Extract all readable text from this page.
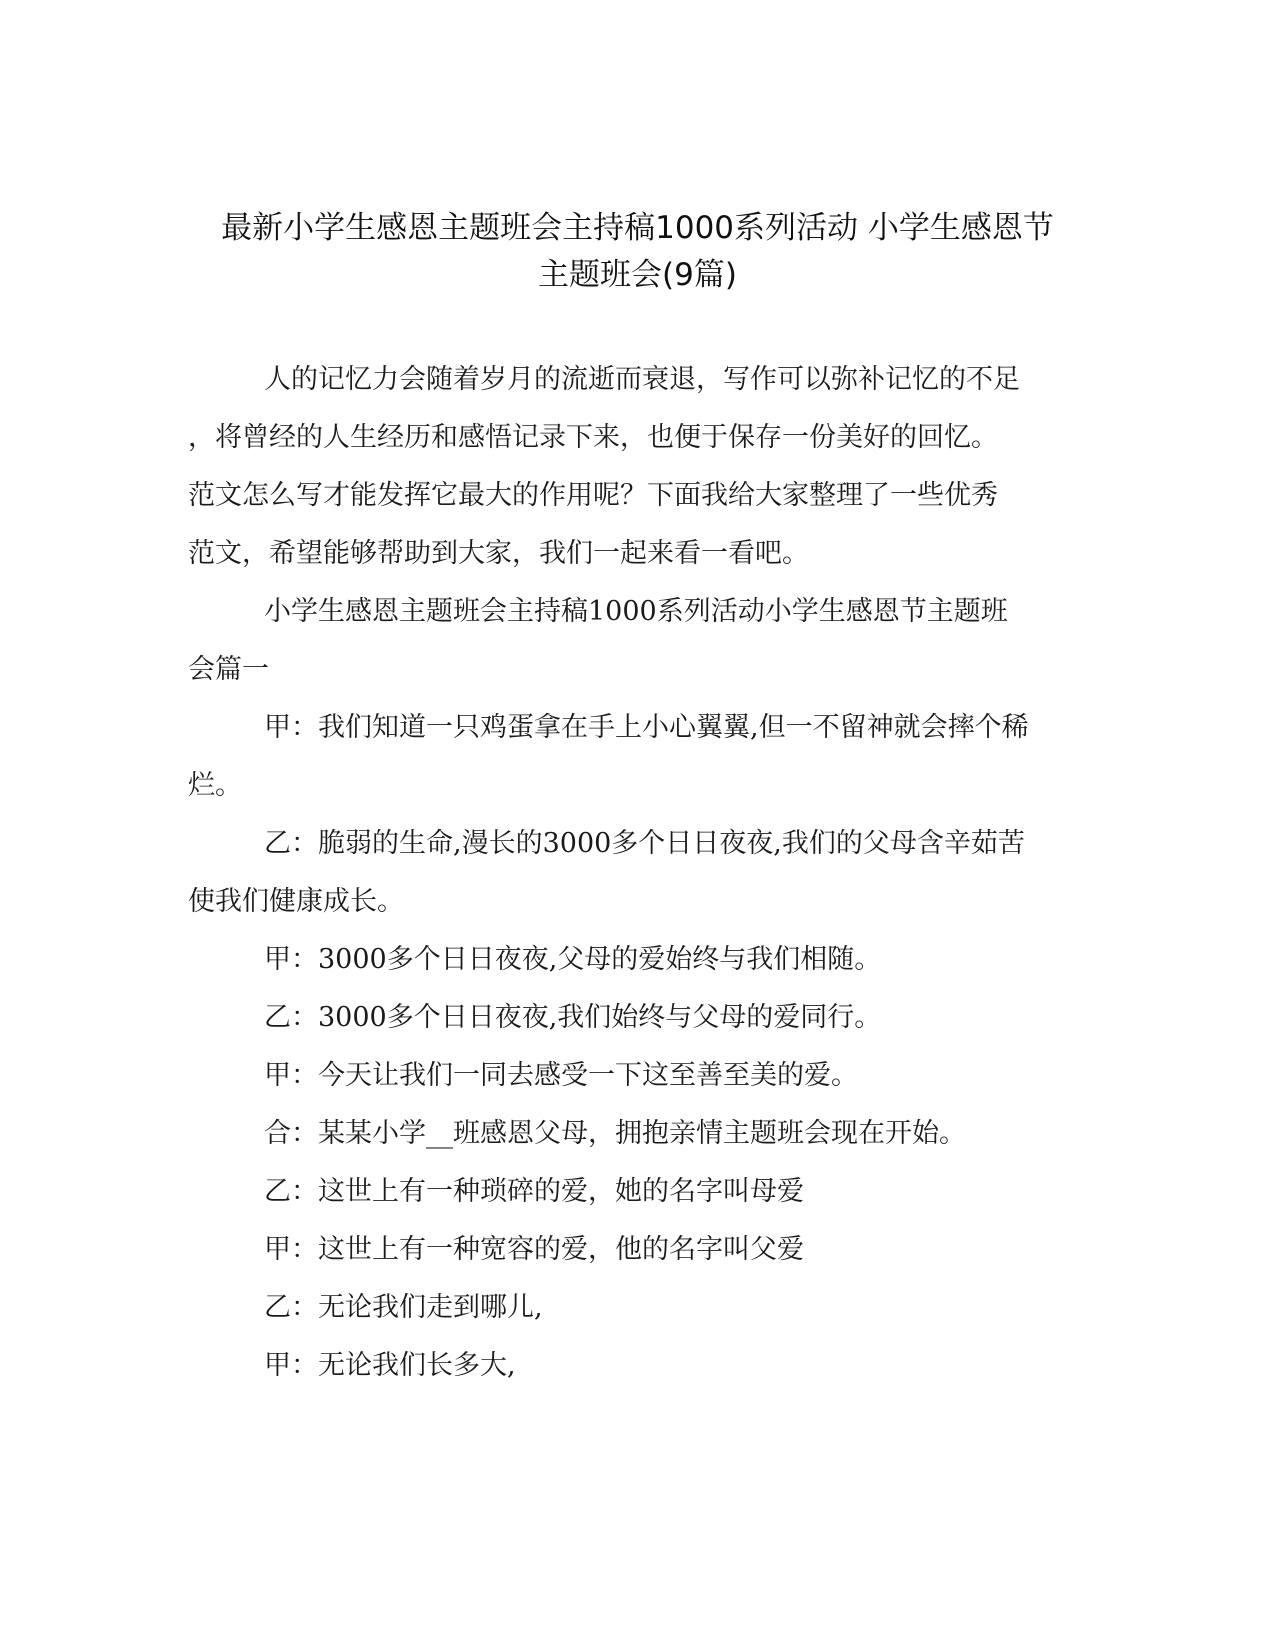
最新小学生感恩主题班会主持稿1000系列活动 小学生感恩节
主题班会(9篇)
人的记忆力会随着岁月的流逝而衰退，写作可以弥补记忆的不足
，将曾经的人生经历和感悟记录下来，也便于保存一份美好的回忆。
范文怎么写才能发挥它最大的作用呢？下面我给大家整理了一些优秀
范文，希望能够帮助到大家，我们一起来看一看吧。
小学生感恩主题班会主持稿1000系列活动小学生感恩节主题班
会篇一
甲：我们知道一只鸡蛋拿在手上小心翼翼,但一不留神就会摔个稀
烂。
乙：脆弱的生命,漫长的3000多个日日夜夜,我们的父母含辛茹苦
使我们健康成长。
甲：3000多个日日夜夜,父母的爱始终与我们相随。
乙：3000多个日日夜夜,我们始终与父母的爱同行。
甲：今天让我们一同去感受一下这至善至美的爱。
合：某某小学__班感恩父母，拥抱亲情主题班会现在开始。
乙：这世上有一种琐碎的爱，她的名字叫母爱
甲：这世上有一种宽容的爱，他的名字叫父爱
乙：无论我们走到哪儿,
甲：无论我们长多大,
